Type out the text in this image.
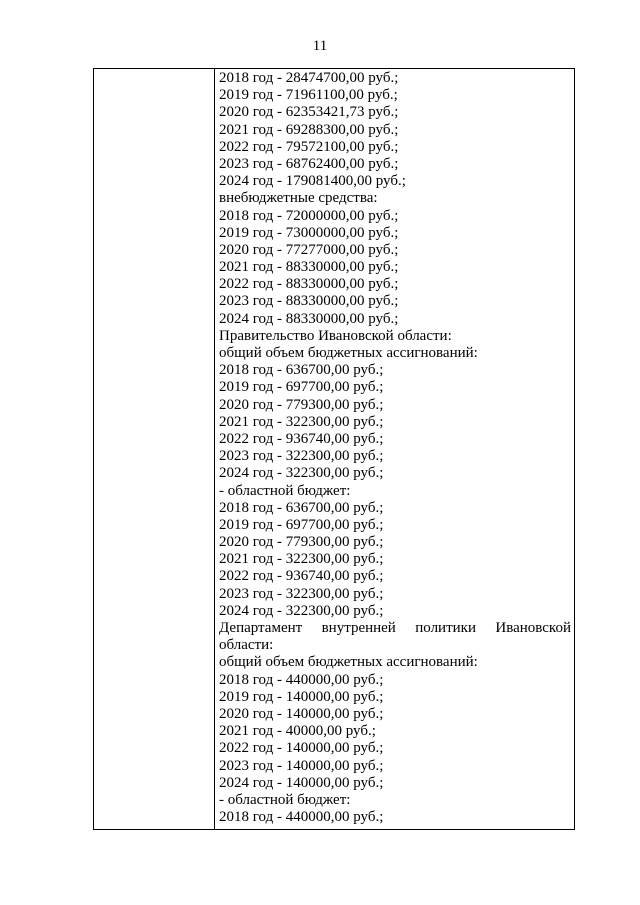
11
2018 год - 28474700,00 руб.;
2019 год - 71961100,00 руб.;
2020 год - 62353421,73 руб.;
2021 год - 69288300,00 руб.;
2022 год - 79572100,00 руб.;
2023 год - 68762400,00 руб.;
2024 год - 179081400,00 руб.;
внебюджетные средства:
2018 год - 72000000,00 руб.;
2019 год - 73000000,00 руб.;
2020 год - 77277000,00 руб.;
2021 год - 88330000,00 руб.;
2022 год - 88330000,00 руб.;
2023 год - 88330000,00 руб.;
2024 год - 88330000,00 руб.;
Правительство Ивановской области:
общий объем бюджетных ассигнований:
2018 год - 636700,00 руб.;
2019 год - 697700,00 руб.;
2020 год - 779300,00 руб.;
2021 год - 322300,00 руб.;
2022 год - 936740,00 руб.;
2023 год - 322300,00 руб.;
2024 год - 322300,00 руб.;
- областной бюджет:
2018 год - 636700,00 руб.;
2019 год - 697700,00 руб.;
2020 год - 779300,00 руб.;
2021 год - 322300,00 руб.;
2022 год - 936740,00 руб.;
2023 год - 322300,00 руб.;
2024 год - 322300,00 руб.;
Департамент внутренней политики Ивановской
области:
общий объем бюджетных ассигнований:
2018 год - 440000,00 руб.;
2019 год - 140000,00 руб.;
2020 год - 140000,00 руб.;
2021 год - 40000,00 руб.;
2022 год - 140000,00 руб.;
2023 год - 140000,00 руб.;
2024 год - 140000,00 руб.;
- областной бюджет:
2018 год - 440000,00 руб.;
